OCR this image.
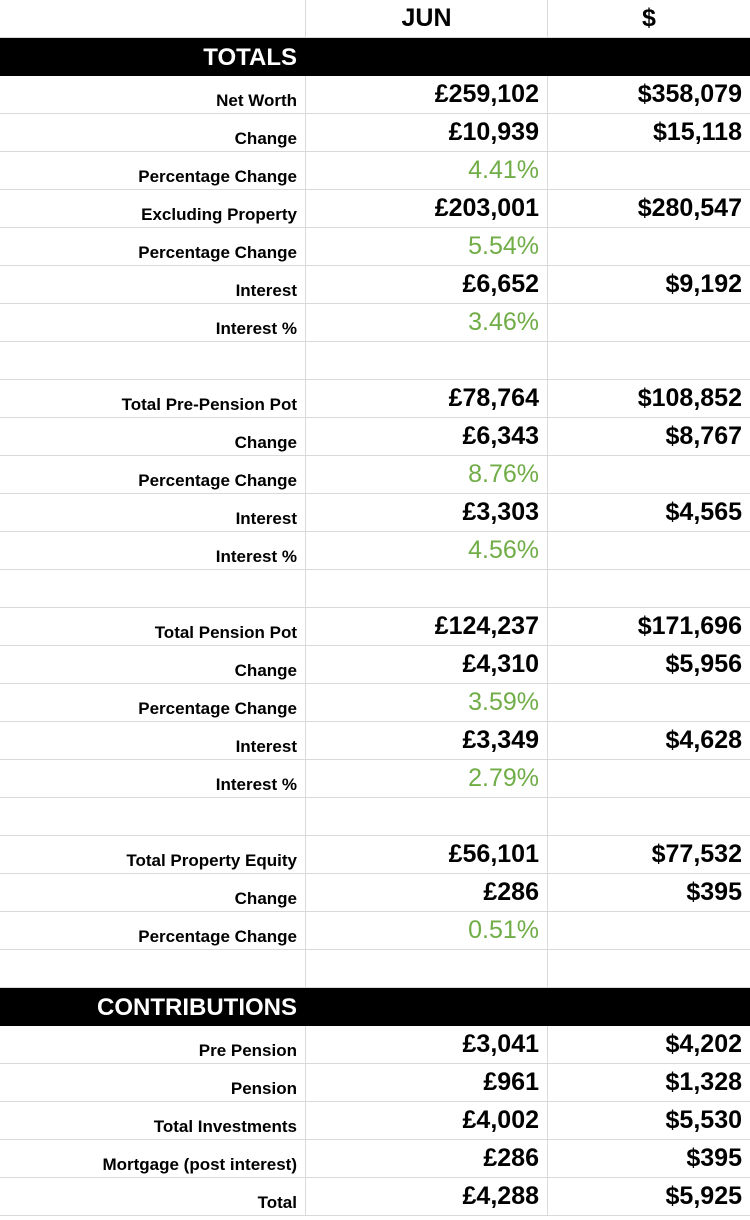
JUN	$
TOTALS
Net Worth	£259,102	$358,079
Change	£10,939	$15,118
Percentage Change	4.41%
Excluding Property	£203,001	$280,547
Percentage Change	5.54%
Interest	£6,652	$9,192
Interest %	3.46%
Total Pre-Pension Pot	£78,764	$108,852
Change	£6,343	$8,767
Percentage Change	8.76%
Interest	£3,303	$4,565
Interest %	4.56%
Total Pension Pot	£124,237	$171,696
Change	£4,310	$5,956
Percentage Change	3.59%
Interest	£3,349	$4,628
Interest %	2.79%
Total Property Equity	£56,101	$77,532
Change	£286	$395
Percentage Change	0.51%
CONTRIBUTIONS
Pre Pension	£3,041	$4,202
Pension	£961	$1,328
Total Investments	£4,002	$5,530
Mortgage (post interest)	£286	$395
Total	£4,288	$5,925
